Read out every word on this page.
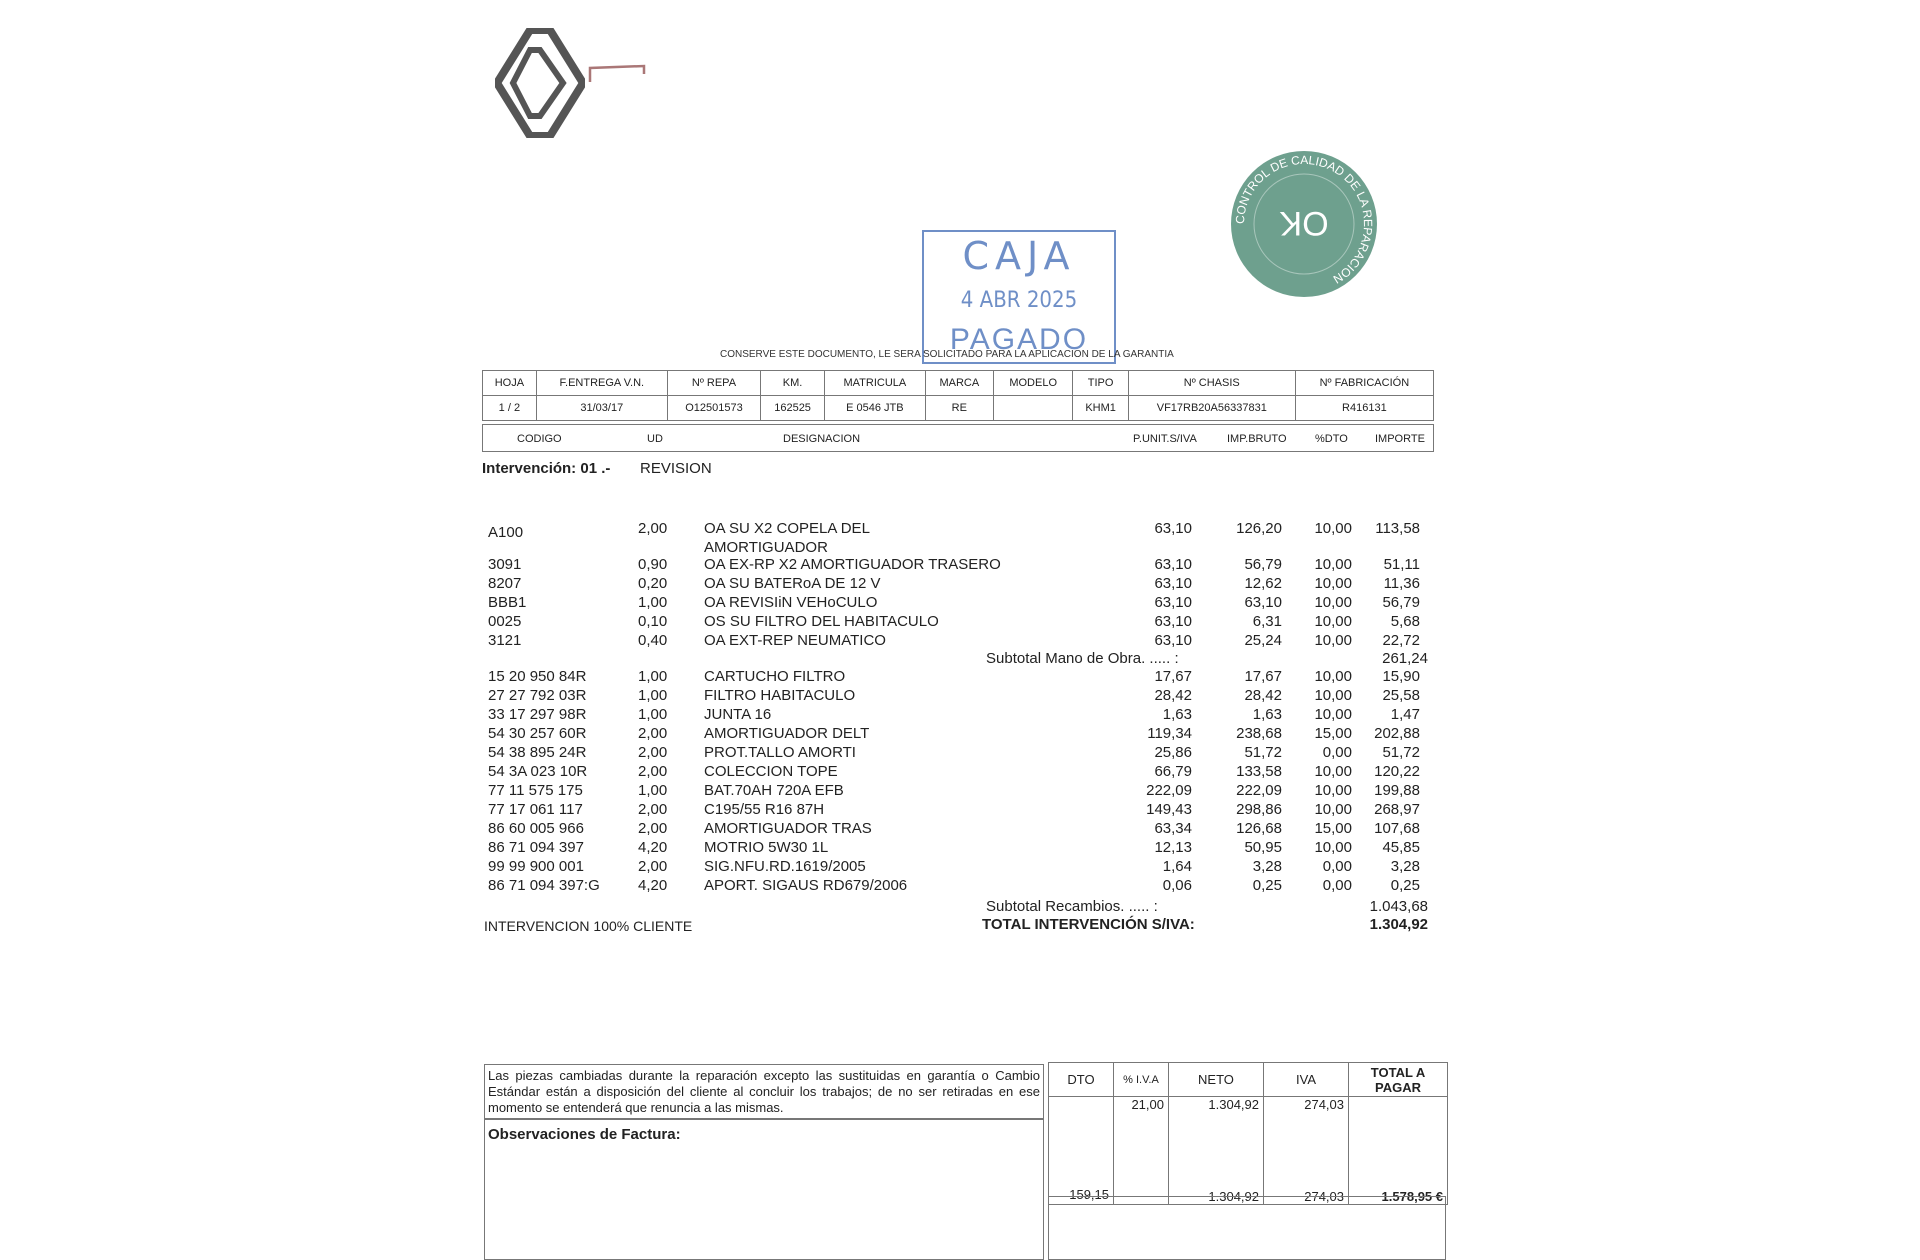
CAJA
4 ABR 2025
PAGADO
OK
CONTROL DE CALIDAD DE LA REPARACION
CONSERVE ESTE DOCUMENTO, LE SERA SOLICITADO PARA LA APLICACION DE LA GARANTIA
HOJA	F.ENTREGA V.N.	Nº REPA	KM.	MATRICULA	MARCA	MODELO	TIPO	Nº CHASIS	Nº FABRICACIÓN
1 / 2	31/03/17	O12501573	162525	E 0546 JTB	RE		KHM1	VF17RB20A56337831	R416131
CODIGO	UD	DESIGNACION	P.UNIT.S/IVA	IMP.BRUTO	%DTO IMPORTE
Intervención: 01 .- REVISION
A100	2,00 OA SU X2 COPELA DEL	63,10	126,20	10,00	113,58
AMORTIGUADOR
3091	0,90 OA EX-RP X2 AMORTIGUADOR TRASERO	63,10	56,79	10,00	51,11
8207	0,20 OA SU BATERoA DE 12 V	63,10	12,62	10,00	11,36
BBB1	1,00 OA REVISIiN VEHoCULO	63,10	63,10	10,00	56,79
0025	0,10 OS SU FILTRO DEL HABITACULO	63,10	6,31	10,00	5,68
3121	0,40 OA EXT-REP NEUMATICO	63,10	25,24	10,00	22,72
15 20 950 84R	1,00 CARTUCHO FILTRO	17,67	17,67	10,00	15,90
27 27 792 03R	1,00 FILTRO HABITACULO	28,42	28,42	10,00	25,58
33 17 297 98R	1,00 JUNTA 16	1,63	1,63	10,00	1,47
54 30 257 60R	2,00 AMORTIGUADOR DELT	119,34	238,68	15,00	202,88
54 38 895 24R	2,00 PROT.TALLO AMORTI	25,86	51,72	0,00	51,72
54 3A 023 10R	2,00 COLECCION TOPE	66,79	133,58	10,00	120,22
77 11 575 175	1,00 BAT.70AH 720A EFB	222,09	222,09	10,00	199,88
77 17 061 117	2,00 C195/55 R16 87H	149,43	298,86	10,00	268,97
86 60 005 966	2,00 AMORTIGUADOR TRAS	63,34	126,68	15,00	107,68
86 71 094 397	4,20 MOTRIO 5W30 1L	12,13	50,95	10,00	45,85
99 99 900 001	2,00 SIG.NFU.RD.1619/2005	1,64	3,28	0,00	3,28
86 71 094 397:G	4,20 APORT. SIGAUS RD679/2006	0,06	0,25	0,00	0,25
Subtotal Mano de Obra. ..... :	261,24
Subtotal Recambios. ..... :	1.043,68
TOTAL INTERVENCIÓN S/IVA:	1.304,92
INTERVENCION 100% CLIENTE
Las piezas cambiadas durante la reparación excepto las sustituidas en garantía o Cambio Estándar están a disposición del cliente al concluir los trabajos; de no ser retiradas en ese momento se entenderá que renuncia a las mismas.
Observaciones de Factura:
DTO	% I.V.A	NETO	IVA	TOTAL A PAGAR
	21,00	1.304,92	274,03	
159,15		1.304,92	274,03	1.578,95 €
